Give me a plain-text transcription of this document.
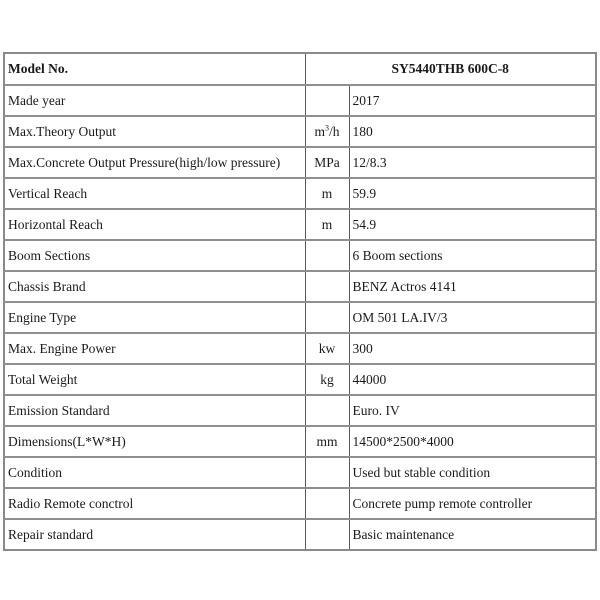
Model No.	SY5440THB 600C-8	
Made year		2017
Max.Theory Output	$m^3/h$	180
Max.Concrete Output Pressure(high/low pressure)	MPa	12/8.3
Vertical Reach	m	59.9
Horizontal Reach	m	54.9
Boom Sections		6 Boom sections
Chassis Brand		BENZ Actros 4141
Engine Type		OM 501 LA.IV/3
Max. Engine Power	kw	300
Total Weight	kg	44000
Emission Standard		Euro. IV
Dimensions(L*W*H)	mm	14500*2500*4000
Condition		Used but stable condition
Radio Remote conctrol		Concrete pump remote controller
Repair standard		Basic maintenance
